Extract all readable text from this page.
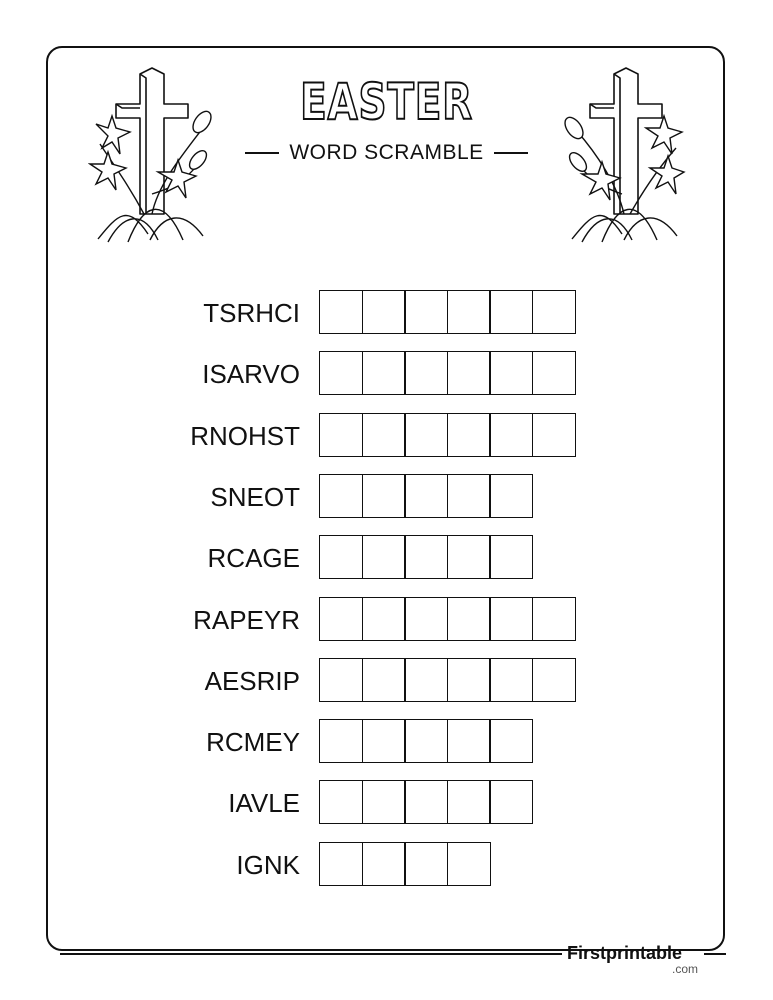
EASTER
WORD SCRAMBLE
TSRHCI
ISARVO
RNOHST
SNEOT
RCAGE
RAPEYR
AESRIP
RCMEY
IAVLE
IGNK
Firstprintable
.com
